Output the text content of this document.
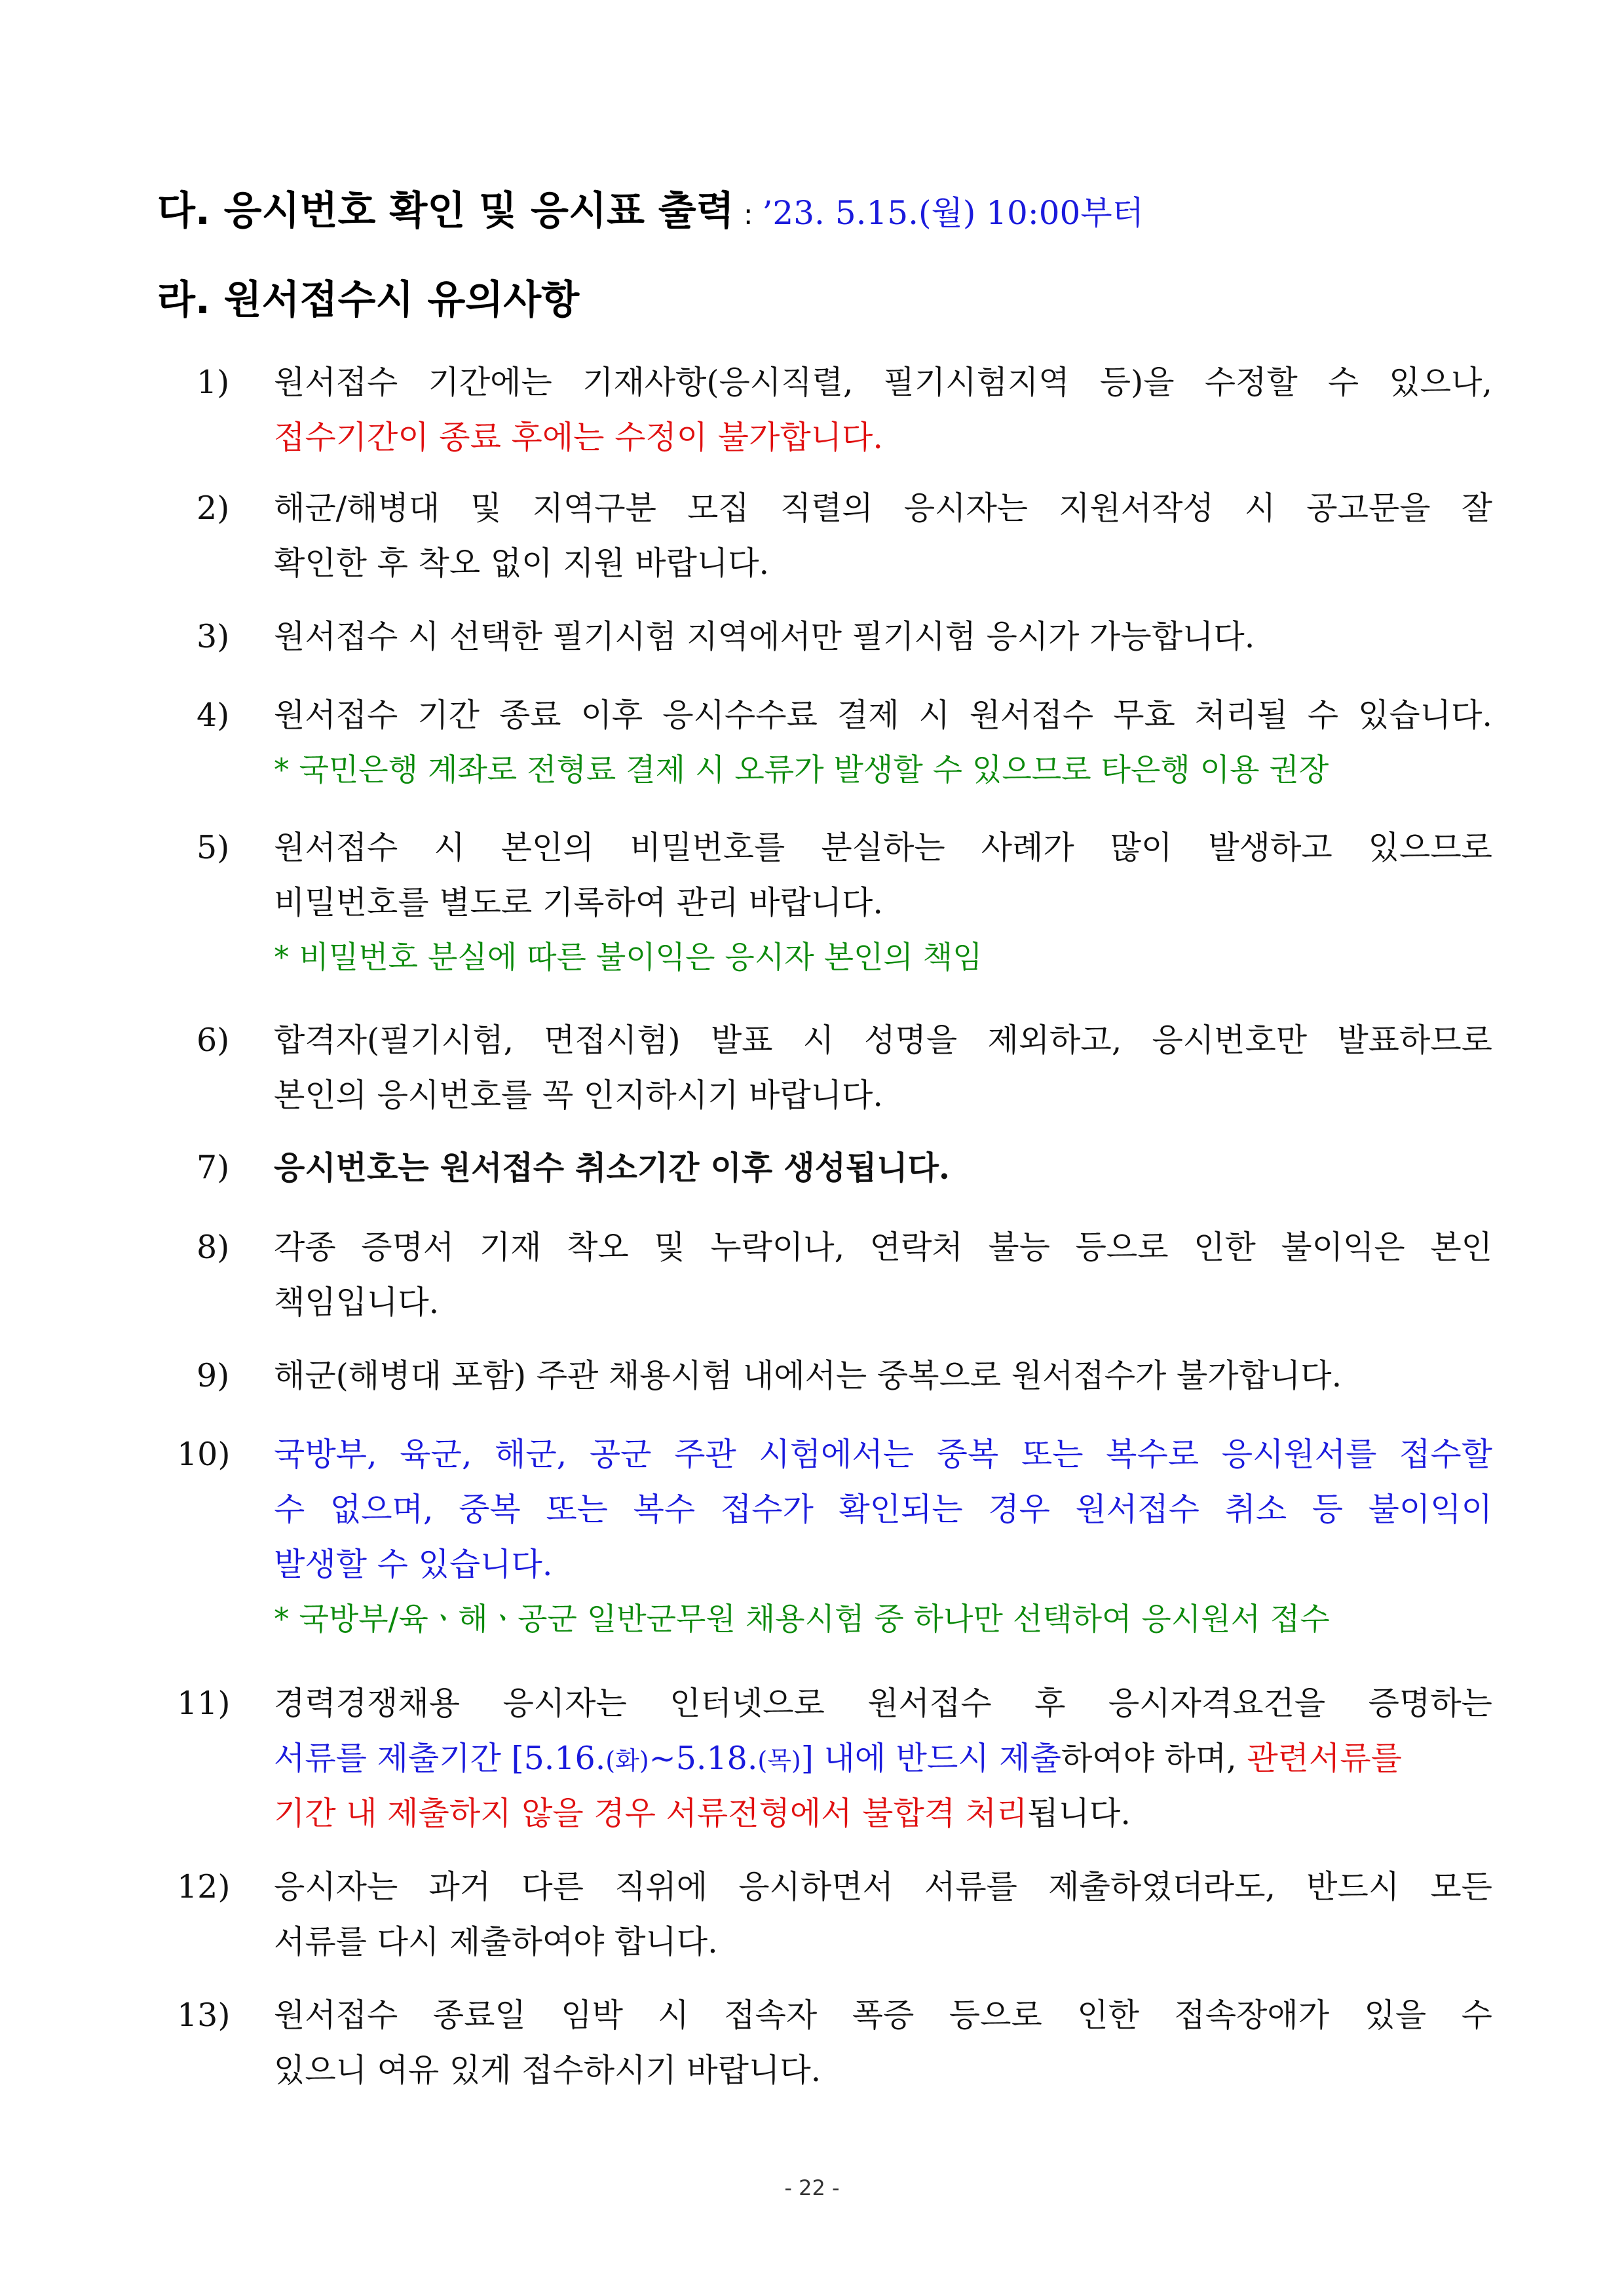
다. 응시번호 확인 및 응시표 출력 : ’23. 5.15.(월) 10:00부터
라. 원서접수시 유의사항
1) 원서접수 기간에는 기재사항(응시직렬, 필기시험지역 등)을 수정할 수 있으나,
접수기간이 종료 후에는 수정이 불가합니다.
2) 해군/해병대 및 지역구분 모집 직렬의 응시자는 지원서작성 시 공고문을 잘
확인한 후 착오 없이 지원 바랍니다.
3) 원서접수 시 선택한 필기시험 지역에서만 필기시험 응시가 가능합니다.
4) 원서접수 기간 종료 이후 응시수수료 결제 시 원서접수 무효 처리될 수 있습니다.
* 국민은행 계좌로 전형료 결제 시 오류가 발생할 수 있으므로 타은행 이용 권장
5) 원서접수 시 본인의 비밀번호를 분실하는 사례가 많이 발생하고 있으므로
비밀번호를 별도로 기록하여 관리 바랍니다.
* 비밀번호 분실에 따른 불이익은 응시자 본인의 책임
6) 합격자(필기시험, 면접시험) 발표 시 성명을 제외하고, 응시번호만 발표하므로
본인의 응시번호를 꼭 인지하시기 바랍니다.
7) 응시번호는 원서접수 취소기간 이후 생성됩니다.
8) 각종 증명서 기재 착오 및 누락이나, 연락처 불능 등으로 인한 불이익은 본인
책임입니다.
9) 해군(해병대 포함) 주관 채용시험 내에서는 중복으로 원서접수가 불가합니다.
10) 국방부, 육군, 해군, 공군 주관 시험에서는 중복 또는 복수로 응시원서를 접수할
수 없으며, 중복 또는 복수 접수가 확인되는 경우 원서접수 취소 등 불이익이
발생할 수 있습니다.
* 국방부/육ㆍ해ㆍ공군 일반군무원 채용시험 중 하나만 선택하여 응시원서 접수
11) 경력경쟁채용 응시자는 인터넷으로 원서접수 후 응시자격요건을 증명하는
서류를 제출기간 [5.16.(화)~5.18.(목)] 내에 반드시 제출하여야 하며, 관련서류를
기간 내 제출하지 않을 경우 서류전형에서 불합격 처리됩니다.
12) 응시자는 과거 다른 직위에 응시하면서 서류를 제출하였더라도, 반드시 모든
서류를 다시 제출하여야 합니다.
13) 원서접수 종료일 임박 시 접속자 폭증 등으로 인한 접속장애가 있을 수
있으니 여유 있게 접수하시기 바랍니다.
- 22 -
